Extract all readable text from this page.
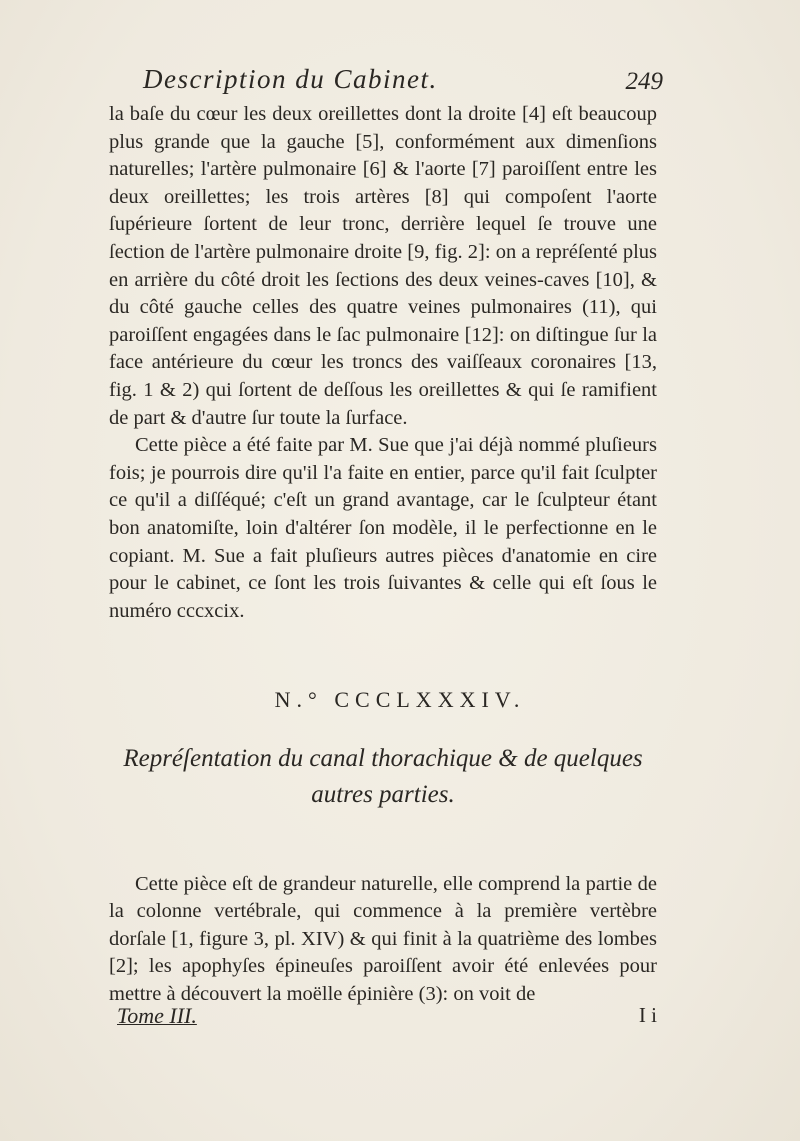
Description du Cabinet.	249

la baſe du cœur les deux oreillettes dont la droite [4] eſt beaucoup plus grande que la gauche [5], conformément aux dimenſions naturelles; l'artère pulmonaire [6] & l'aorte [7] paroiſſent entre les deux oreillettes; les trois artères [8] qui compoſent l'aorte ſupérieure ſortent de leur tronc, derrière lequel ſe trouve une ſection de l'artère pulmonaire droite [9, fig. 2]: on a repréſenté plus en arrière du côté droit les ſections des deux veines-caves [10], & du côté gauche celles des quatre veines pulmonaires (11), qui paroiſſent engagées dans le ſac pulmonaire [12]: on diſtingue ſur la face antérieure du cœur les troncs des vaiſſeaux coronaires [13, fig. 1 & 2) qui ſortent de deſſous les oreillettes & qui ſe ramifient de part & d'autre ſur toute la ſurface.

Cette pièce a été faite par M. Sue que j'ai déjà nommé pluſieurs fois; je pourrois dire qu'il l'a faite en entier, parce qu'il fait ſculpter ce qu'il a diſſéqué; c'eſt un grand avantage, car le ſculpteur étant bon anatomiſte, loin d'altérer ſon modèle, il le perfectionne en le copiant. M. Sue a fait pluſieurs autres pièces d'anatomie en cire pour le cabinet, ce ſont les trois ſuivantes & celle qui eſt ſous le numéro cccxcix.

N.° CCCLXXXIV.
Repréſentation du canal thorachique & de quelques
autres parties.

Cette pièce eſt de grandeur naturelle, elle comprend la partie de la colonne vertébrale, qui commence à la première vertèbre dorſale [1, figure 3, pl. XIV) & qui finit à la quatrième des lombes [2]; les apophyſes épineuſes paroiſſent avoir été enlevées pour mettre à découvert la moëlle épinière (3): on voit de

Tome III.	I i
